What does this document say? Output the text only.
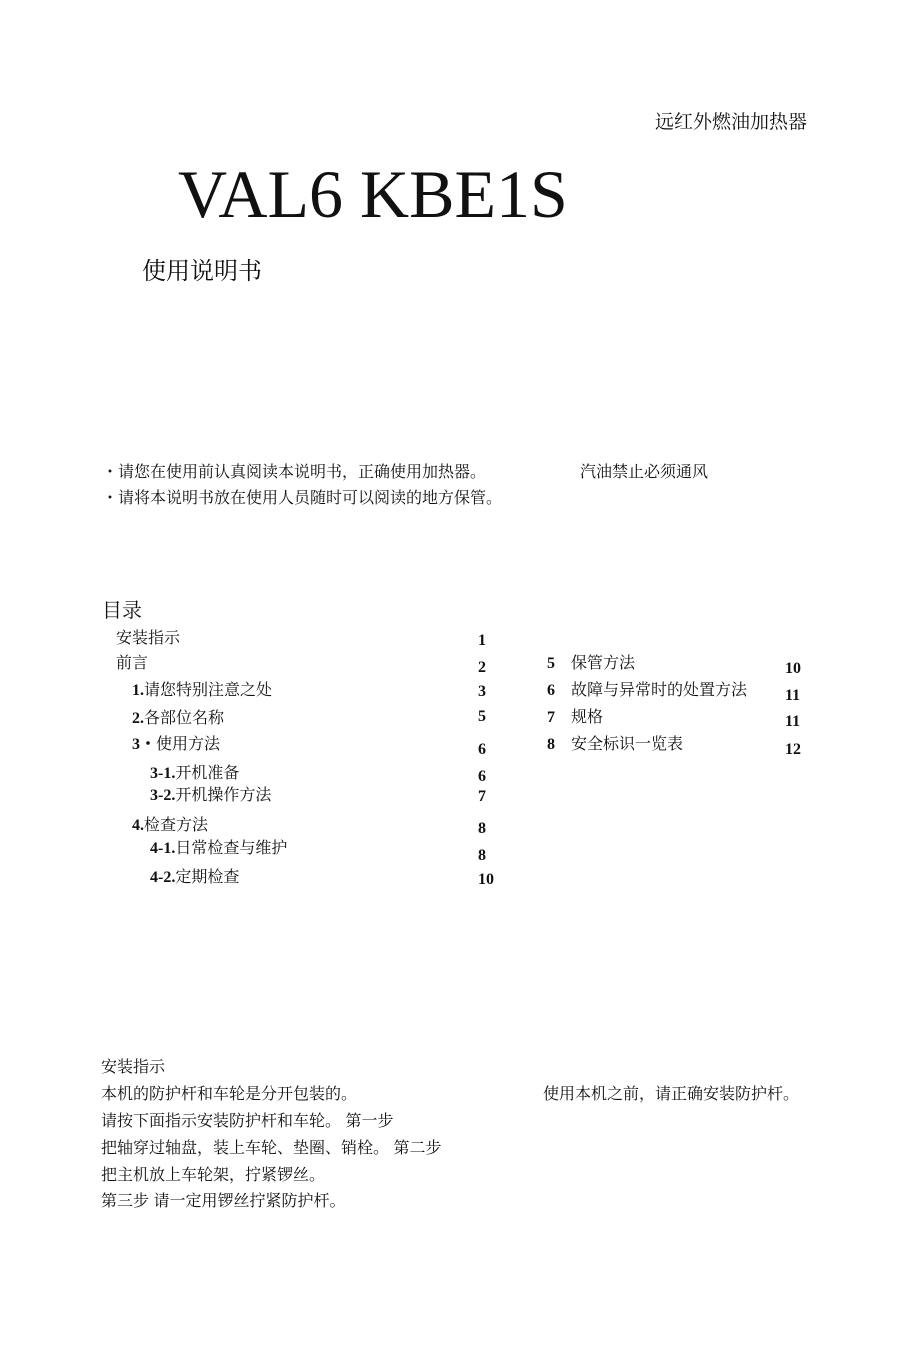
远红外燃油加热器
VAL6 KBE1S
使用说明书
・请您在使用前认真阅读本说明书，正确使用加热器。	汽油禁止必须通风
・请将本说明书放在使用人员随时可以阅读的地方保管。
目录
安装指示	1
前言	2
1.请您特别注意之处	3
2.各部位名称	5
3・使用方法	6
3-1.开机准备	6
3-2.开机操作方法	7
4.检查方法	8
4-1.日常检查与维护	8
4-2.定期检查	10
5 保管方法	10
6 故障与异常时的处置方法 11
7 规格	11
8 安全标识一览表	12
安装指示
本机的防护杆和车轮是分开包装的。	使用本机之前，请正确安装防护杆。
请按下面指示安装防护杆和车轮。 第一步
把轴穿过轴盘，装上车轮、垫圈、销栓。 第二步
把主机放上车轮架，拧紧锣丝。
第三步 请一定用锣丝拧紧防护杆。
